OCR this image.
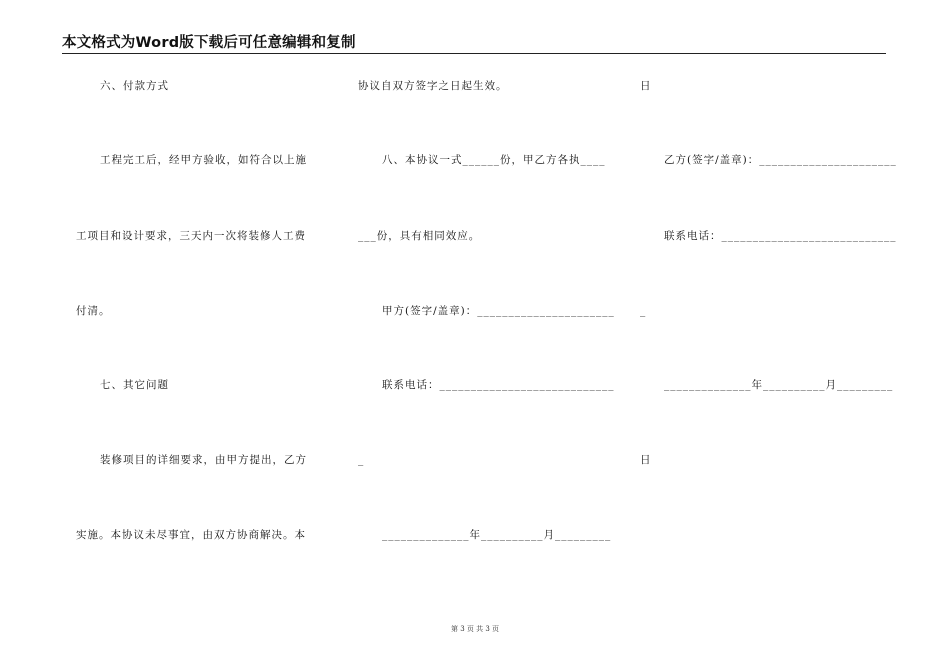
本文格式为Word版下载后可任意编辑和复制
六、付款方式
工程完工后，经甲方验收，如符合以上施
工项目和设计要求，三天内一次将装修人工费
付清。
七、其它问题
装修项目的详细要求，由甲方提出，乙方
实施。本协议未尽事宜，由双方协商解决。本
协议自双方签字之日起生效。
八、本协议一式______份，甲乙方各执____
___份，具有相同效应。
甲方(签字/盖章)：______________________
联系电话：____________________________
_
______________年__________月_________
日
乙方(签字/盖章)：______________________
联系电话：____________________________
_
______________年__________月_________
日
第 3 页 共 3 页
